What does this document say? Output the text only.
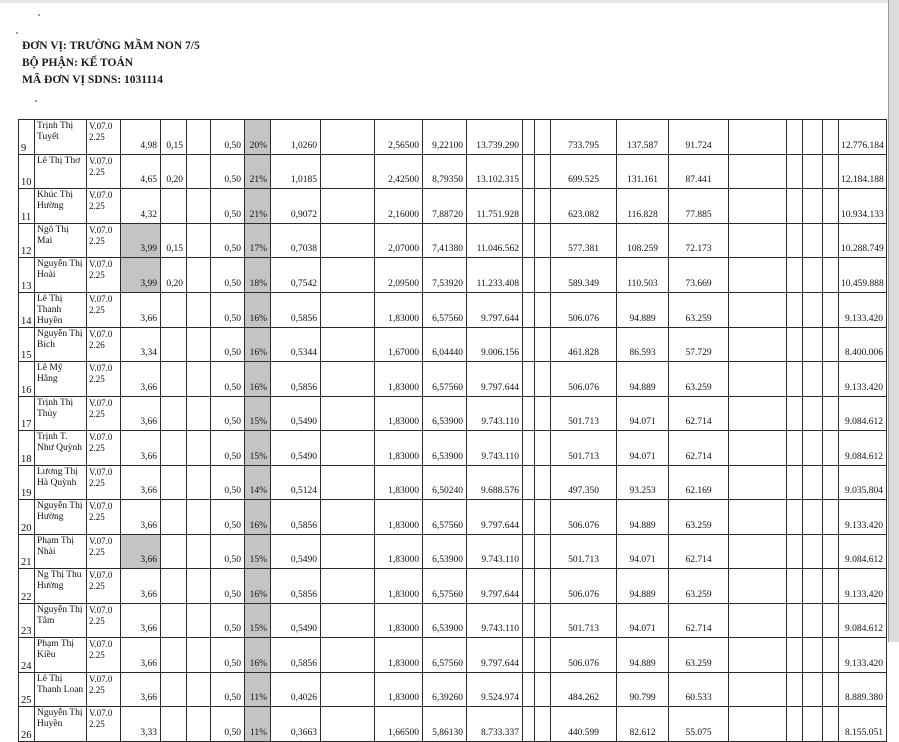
ĐƠN VỊ: TRƯỜNG MẦM NON 7/5
BỘ PHẬN: KẾ TOÁN
MÃ ĐƠN VỊ SDNS: 1031114
9	Trịnh Thị Tuyết	V.07.0 2.25	4,98	0,15		0,50	20%	1,0260		2,56500	9,22100	13.739.290			733.795	137.587	91.724					12.776.184
10	Lê Thị Thơ	V.07.0 2.25	4,65	0,20		0,50	21%	1,0185		2,42500	8,79350	13.102.315			699.525	131.161	87.441					12.184.188
11	Khúc Thị Hường	V.07.0 2.25	4,32			0,50	21%	0,9072		2,16000	7,88720	11.751.928			623.082	116.828	77.885					10.934.133
12	Ngô Thị Mai	V.07.0 2.25	3,99	0,15		0,50	17%	0,7038		2,07000	7,41380	11.046.562			577.381	108.259	72.173					10.288.749
13	Nguyễn Thị Hoài	V.07.0 2.25	3,99	0,20		0,50	18%	0,7542		2,09500	7,53920	11.233.408			589.349	110.503	73.669					10.459.888
14	Lê Thị Thanh Huyền	V.07.0 2.25	3,66			0,50	16%	0,5856		1,83000	6,57560	9.797.644			506.076	94.889	63.259					9.133.420
15	Nguyễn Thị Bích	V.07.0 2.26	3,34			0,50	16%	0,5344		1,67000	6,04440	9.006.156			461.828	86.593	57.729					8.400.006
16	Lê Mỹ Hằng	V.07.0 2.25	3,66			0,50	16%	0,5856		1,83000	6,57560	9.797.644			506.076	94.889	63.259					9.133.420
17	Trịnh Thị Thủy	V.07.0 2.25	3,66			0,50	15%	0,5490		1,83000	6,53900	9.743.110			501.713	94.071	62.714					9.084.612
18	Trịnh T. Như Quỳnh	V.07.0 2.25	3,66			0,50	15%	0,5490		1,83000	6,53900	9.743.110			501.713	94.071	62.714					9.084.612
19	Lương Thị Hà Quỳnh	V.07.0 2.25	3,66			0,50	14%	0,5124		1,83000	6,50240	9.688.576			497.350	93.253	62.169					9.035.804
20	Nguyễn Thị Hường	V.07.0 2.25	3,66			0,50	16%	0,5856		1,83000	6,57560	9.797.644			506.076	94.889	63.259					9.133.420
21	Phạm Thị Nhài	V.07.0 2.25	3,66			0,50	15%	0,5490		1,83000	6,53900	9.743.110			501.713	94.071	62.714					9.084.612
22	Ng Thị Thu Hường	V.07.0 2.25	3,66			0,50	16%	0,5856		1,83000	6,57560	9.797.644			506.076	94.889	63.259					9.133.420
23	Nguyễn Thị Tâm	V.07.0 2.25	3,66			0,50	15%	0,5490		1,83000	6,53900	9.743.110			501.713	94.071	62.714					9.084.612
24	Phạm Thị Kiều	V.07.0 2.25	3,66			0,50	16%	0,5856		1,83000	6,57560	9.797.644			506.076	94.889	63.259					9.133.420
25	Lê Thị Thanh Loan	V.07.0 2.25	3,66			0,50	11%	0,4026		1,83000	6,39260	9.524.974			484.262	90.799	60.533					8.889.380
26	Nguyễn Thị Huyền	V.07.0 2.25	3,33			0,50	11%	0,3663		1,66500	5,86130	8.733.337			440.599	82.612	55.075					8.155.051
